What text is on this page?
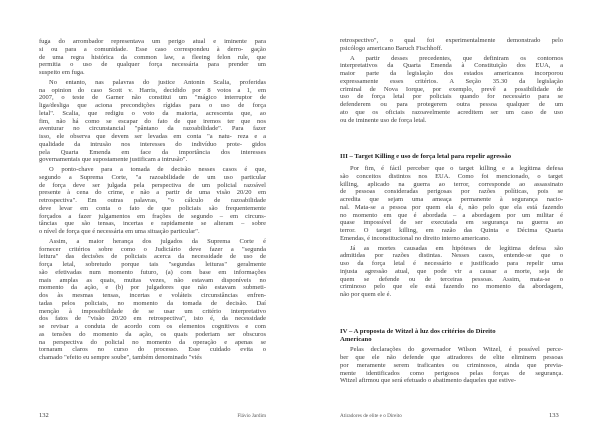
fuga do arrombador representava um perigo atual e iminente para
si ou para a comunidade. Esse caso correspondeu à derro- gação
de uma regra histórica da common law, a fleeing felon rule, que
permitia o uso de qualquer força necessária para prender um
suspeito em fuga.
No entanto, nas palavras do justice Antonin Scalia, proferidas
na opinion do caso Scott v. Harris, decidido por 8 votos a 1, em
2007, o teste de Garner não constitui um "mágico interruptor de
liga/desliga que aciona precondições rígidas para o uso de força
letal". Scalia, que redigiu o voto da maioria, acrescenta que, ao
fim, não há como se escapar do fato de que iremos ter que nos
aventurar no circunstancial "pântano da razoabilidade". Para fazer
isso, ele observa que devem ser levadas em conta "a natu- reza e a
qualidade da intrusão nos interesses do indivíduo prote- gidos
pela Quarta Emenda em face da importância dos interesses
governamentais que supostamente justificam a intrusão".
O ponto-chave para a tomada de decisão nesses casos é que,
segundo a Suprema Corte, "a razoabilidade de um uso particular
de força deve ser julgada pela perspectiva de um policial razoável
presente à cena do crime, e não a partir de uma visão 20/20 em
retrospectiva". Em outras palavras, "o cálculo de razoabilidade
deve levar em conta o fato de que policiais são frequentemente
forçados a fazer julgamentos em frações de segundo – em circuns-
tâncias que são tensas, incertas e rapidamente se alteram – sobre
o nível de força que é necessária em uma situação particular".
Assim, a maior herança dos julgados da Suprema Corte é
fornecer critérios sobre como o Judiciário deve fazer a "segunda
leitura" das decisões de policiais acerca da necessidade de uso de
força letal, sobretudo porque tais "segundas leituras" geralmente
são efetivadas num momento futuro, (a) com base em informações
mais amplas as quais, muitas vezes, não estavam disponíveis no
momento da ação, e (b) por julgadores que não estavam submeti-
dos às mesmas tensas, incertas e voláteis circunstâncias enfren-
tadas pelos policiais, no momento da tomada de decisão. Daí
menção à impossibilidade de se usar um critério interpretativo
dos fatos de "visão 20/20 em retrospectiva", isto é, da necessidade
se revisar a conduta de acordo com os elementos cognitivos e com
as tensões do momento da ação, os quais poderiam ser obscuros
na perspectiva do policial no momento da operação e apenas se
tornaram claros no curso do processo. Esse cuidado evita o
chamado "efeito eu sempre soube", também denominado "viés
retrospectivo", o qual foi experimentalmente demonstrado pelo
psicólogo americano Baruch Fischhoff.
A partir desses precedentes, que definiram os contornos
interpretativos da Quarta Emenda à Constituição dos EUA, a
maior parte da legislação dos estados americanos incorporou
expressamente esses critérios. A Seção 35.30 da legislação
criminal de Nova Iorque, por exemplo, prevê a possibilidade de
uso de força letal por policiais quando for necessário para se
defenderem ou para protegerem outra pessoa qualquer de um
ato que os oficiais razoavelmente acreditem ser um caso de uso
ou de iminente uso de força letal.
III – Target Killing e uso de força letal para repelir agressão
Por fim, é fácil perceber que o target killing e a legítima defesa
são conceitos distintos nos EUA. Como foi mencionado, o target
killing, aplicado na guerra ao terror, corresponde ao assassinato
de pessoas consideradas perigosas por razões políticas, pois se
acredita que sejam uma ameaça permanente à segurança nacio-
nal. Mata-se a pessoa por quem ela é, não pelo que ela está fazendo
no momento em que é abordada – a abordagem por um militar é
quase impossível de ser executada em segurança na guerra ao
terror. O target killing, em razão das Quinta e Décima Quarta
Emendas, é inconstitucional no direito interno americano.
Já as mortes causadas em hipóteses de legítima defesa são
admitidas por razões distintas. Nesses casos, entende-se que o
uso da força letal é necessário e justificado para repelir uma
injusta agressão atual, que pode vir a causar a morte, seja de
quem se defende ou de terceiras pessoas. Assim, mata-se o
criminoso pelo que ele está fazendo no momento da abordagem,
não por quem ele é.
IV – A proposta de Witzel à luz dos critérios do Direito
Americano
Pelas declarações do governador Wilson Witzel, é possível perce-
ber que ele não defende que atiradores de elite eliminem pessoas
por meramente serem traficantes ou criminosos, ainda que previa-
mente identificados como perigosos pelas forças de segurança.
Witzel afirmou que será efetuado o abatimento daqueles que estive-
132	Flávio Jardim	Atiradores de elite e o Direito	133
